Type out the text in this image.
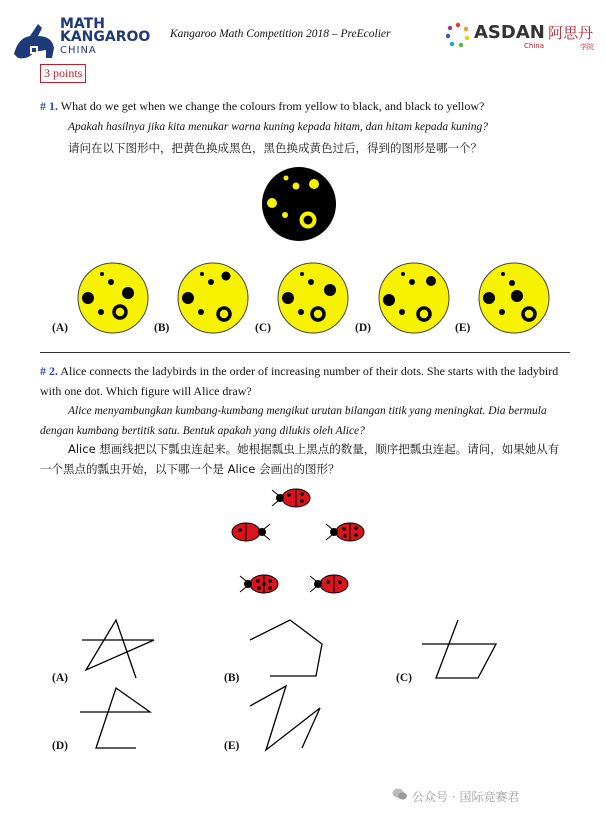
MATH
KANGAROO
CHINA
Kangaroo Math Competition 2018 – PreEcolier	ASDAN 阿思丹
China	学院
3 points
# 1. What do we get when we change the colours from yellow to black, and black to yellow?
Apakah hasilnya jika kita menukar warna kuning kepada hitam, dan hitam kepada kuning?
请问在以下图形中，把黄色换成黑色，黑色换成黄色过后，得到的图形是哪一个？
(A)	(B)	(C)	(D)	(E)
# 2. Alice connects the ladybirds in the order of increasing number of their dots. She starts with the ladybird with one dot. Which figure will Alice draw?
Alice menyambungkan kumbang-kumbang mengikut urutan bilangan titik yang meningkat. Dia bermula dengan kumbang bertitik satu. Bentuk apakah yang dilukis oleh Alice?
Alice 想画线把以下瓢虫连起来。她根据瓢虫上黑点的数量，顺序把瓢虫连起。请问，如果她从有一个黑点的瓢虫开始，以下哪一个是 Alice 会画出的图形？
(A)	(B)	(C)
(D)	(E)
公众号 · 国际竞赛君
